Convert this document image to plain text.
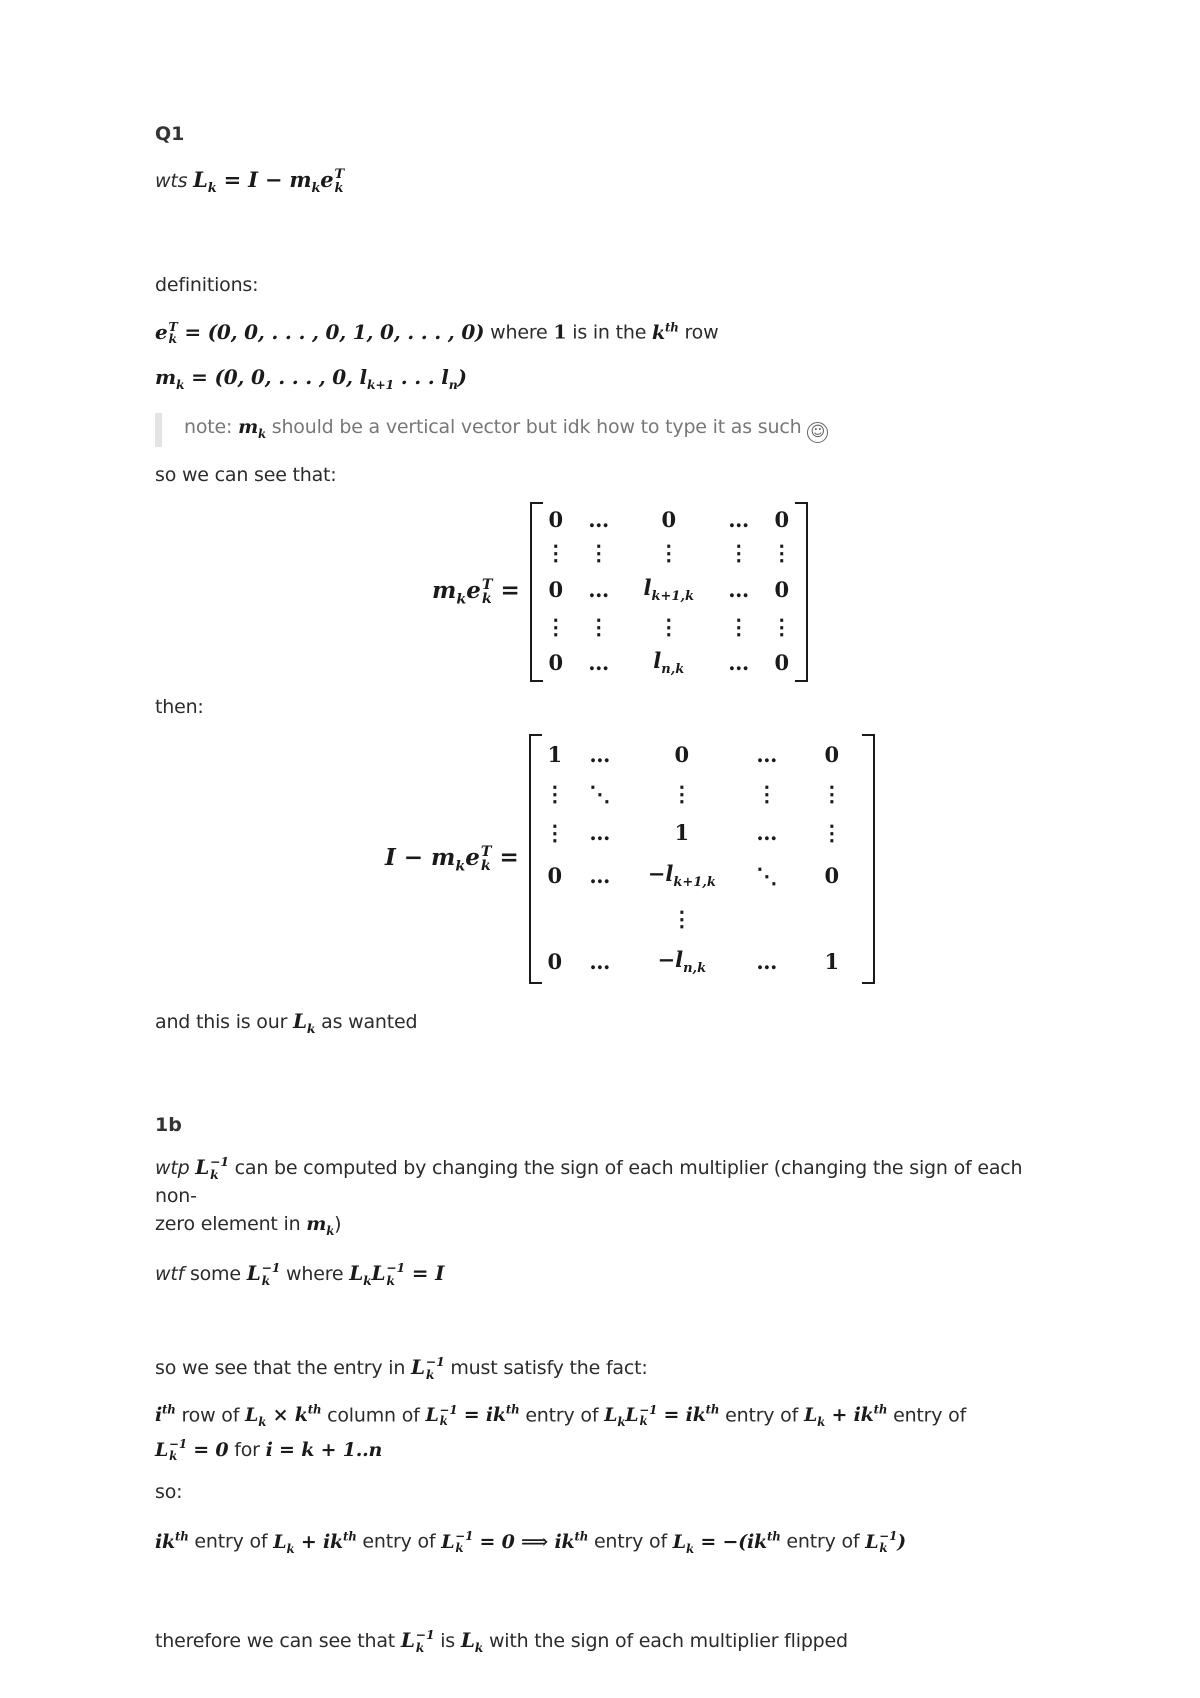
Q1

wts $L_k = I - m_ke$ T
k

definitions:

e T
k = (0, 0, . . . , 0, 1, 0, . . . , 0) where 1 is in the $k^{th}$ row

$m_k = (0$, 0, . . . , 0, $l_{k+1}$ . . . $l_n$)

note: $m_k$ should be a vertical vector but idk how to type it as such ☺

so we can see that:

$m_ke$ T
k =
0	…	0	…	0
⋮	⋮	⋮	⋮	⋮
0	…	$l_{k+1,k}$	…	0
⋮	⋮	⋮	⋮	⋮
0	…	$l_{n,k}$	…	0

then:

$I - m_ke$ T
k =
1	…	0	…	0
⋮	⋱	⋮	⋮	⋮
⋮	…	1	…	⋮
0	…	$-l_{k+1,k}$	⋱	0
		⋮		
0	…	$-l_{n,k}$	…	1

and this is our $L_k$ as wanted

1b

wtp L −1
k can be computed by changing the sign of each multiplier (changing the sign of each non-
zero element in $m_k$)

wtf some L −1
k where $L_kL -1$
k = I

so we see that the entry in L −1
k must satisfy the fact:

$i^{th}$ row of $L_k \times k^{th}$ column of L −1
$k = ik^{th}$ entry of $L_kL -1$
$k = ik^{th}$ entry of $L_k + ik^{th}$ entry of
L −1
k = 0 for i = k + 1..n

so:

$ik^{th}$ entry of $L_k + ik^{th}$ entry of L −1
k = 0 ⟹ $ik^{th}$ entry of $L_k = -(ik^{th}$ entry of L −1
k )

therefore we can see that L −1
k is $L_k$ with the sign of each multiplier flipped
